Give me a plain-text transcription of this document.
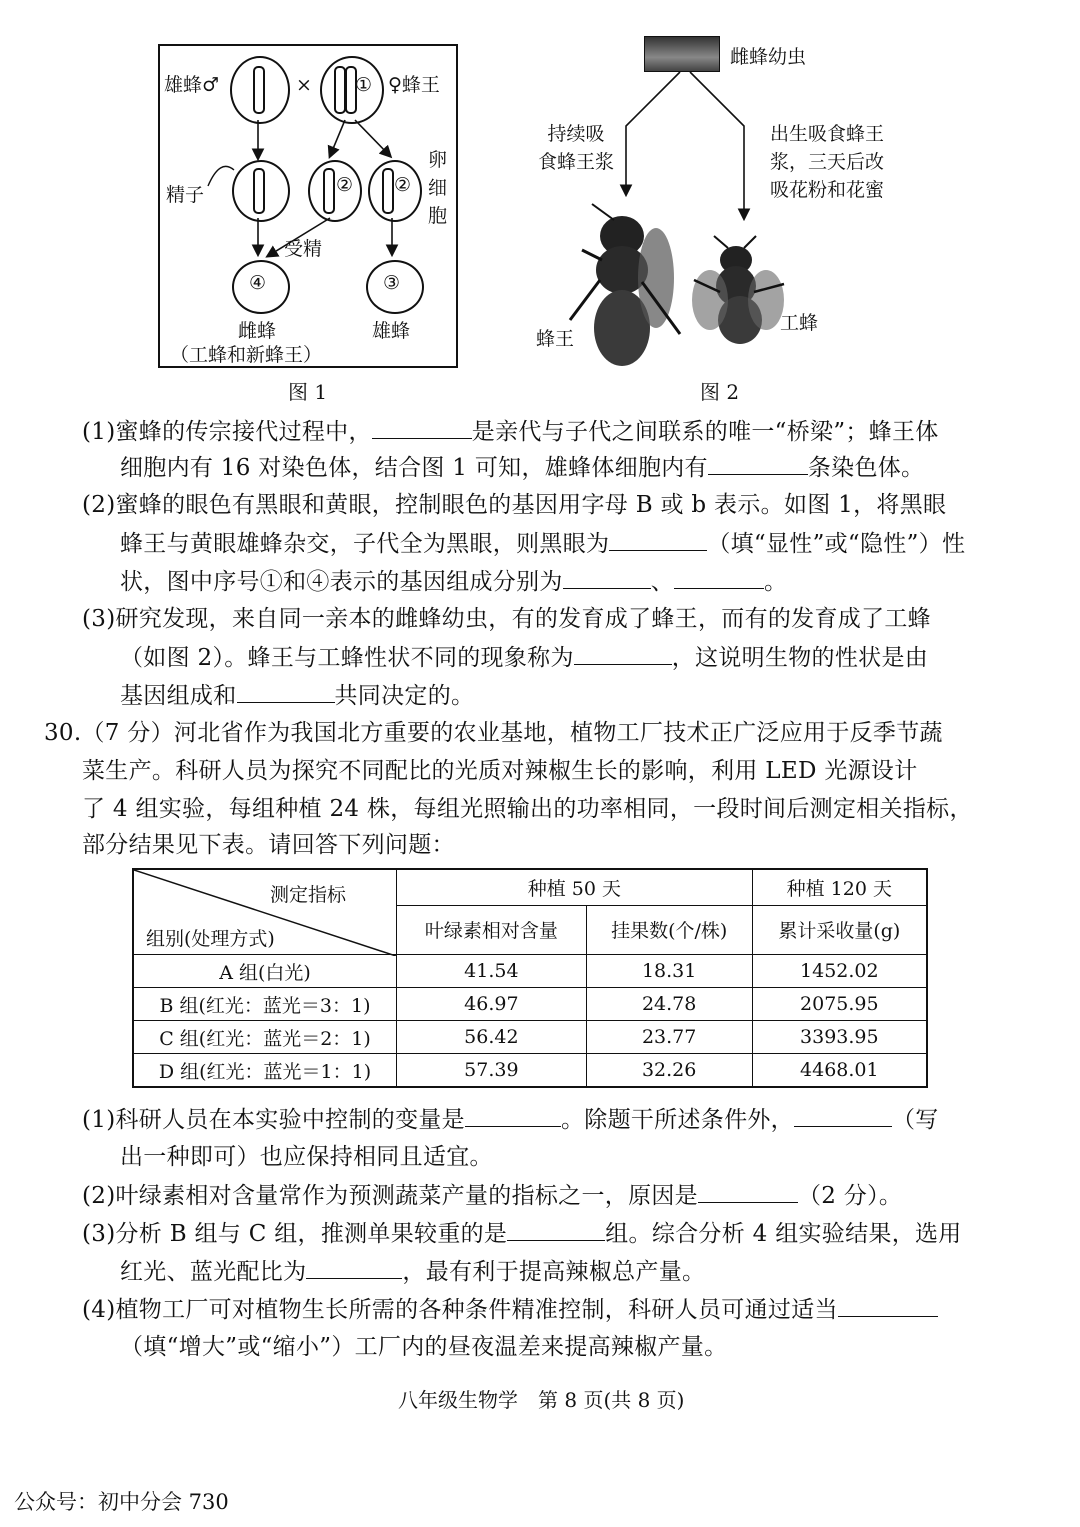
雄蜂♂	× ① ♀蜂王
精子	② ②
卵
细
胞
受精
④	③
雌蜂	雄蜂
（工蜂和新蜂王）
图 1
雌蜂幼虫
持续吸
食蜂王浆
出生吸食蜂王
浆，三天后改
吸花粉和花蜜
蜂王
工蜂
图 2
(1)蜜蜂的传宗接代过程中，	是亲代与子代之间联系的唯一“桥梁”；蜂王体
细胞内有 16 对染色体，结合图 1 可知，雄蜂体细胞内有	条染色体。
(2)蜜蜂的眼色有黑眼和黄眼，控制眼色的基因用字母 B 或 b 表示。如图 1，将黑眼
蜂王与黄眼雄蜂杂交，子代全为黑眼，则黑眼为	（填“显性”或“隐性”）性
状，图中序号①和④表示的基因组成分别为	、	。
(3)研究发现，来自同一亲本的雌蜂幼虫，有的发育成了蜂王，而有的发育成了工蜂
（如图 2）。蜂王与工蜂性状不同的现象称为	，这说明生物的性状是由
基因组成和	共同决定的。
30.（7 分）河北省作为我国北方重要的农业基地，植物工厂技术正广泛应用于反季节蔬
菜生产。科研人员为探究不同配比的光质对辣椒生长的影响，利用 LED 光源设计
了 4 组实验，每组种植 24 株，每组光照输出的功率相同，一段时间后测定相关指标，
部分结果见下表。请回答下列问题：
测定指标
组别(处理方式)	种植 50 天		种植 120 天
	叶绿素相对含量	挂果数(个/株)	累计采收量(g)
A 组(白光)	41.54	18.31	1452.02
B 组(红光：蓝光＝3：1)	46.97	24.78	2075.95
C 组(红光：蓝光＝2：1)	56.42	23.77	3393.95
D 组(红光：蓝光＝1：1)	57.39	32.26	4468.01
(1)科研人员在本实验中控制的变量是	。除题干所述条件外，	（写
出一种即可）也应保持相同且适宜。
(2)叶绿素相对含量常作为预测蔬菜产量的指标之一，原因是	（2 分）。
(3)分析 B 组与 C 组，推测单果较重的是	组。综合分析 4 组实验结果，选用
红光、蓝光配比为	，最有利于提高辣椒总产量。
(4)植物工厂可对植物生长所需的各种条件精准控制，科研人员可通过适当
（填“增大”或“缩小”）工厂内的昼夜温差来提高辣椒产量。
八年级生物学　第 8 页(共 8 页)
公众号：初中分会 730
